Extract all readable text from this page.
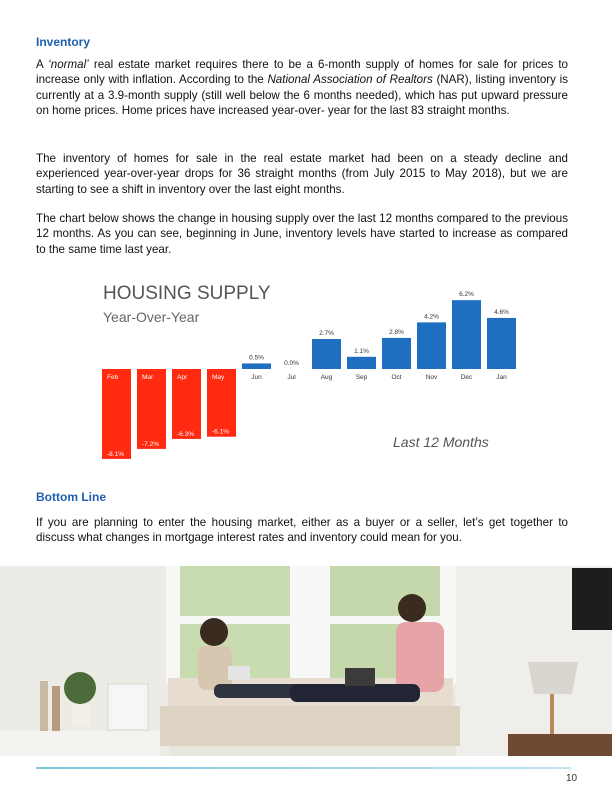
Inventory
A ‘normal’ real estate market requires there to be a 6-month supply of homes for sale for prices to increase only with inflation. According to the National Association of Realtors (NAR), listing inventory is currently at a 3.9-month supply (still well below the 6 months needed), which has put upward pressure on home prices. Home prices have increased year-over- year for the last 83 straight months.
The inventory of homes for sale in the real estate market had been on a steady decline and experienced year-over-year drops for 36 straight months (from July 2015 to May 2018), but we are starting to see a shift in inventory over the last eight months.
The chart below shows the change in housing supply over the last 12 months compared to the previous 12 months. As you can see, beginning in June, inventory levels have started to increase as compared to the same time last year.
HOUSING SUPPLY
Year-Over-Year
Feb
-8.1%
Mar
-7.2%
Apr
-6.3%
May
-6.1%
Jun
0.5%
Jul
0.0%
Aug
2.7%
Sep
1.1%
Oct
2.8%
Nov
4.2%
Dec
6.2%
Jan
4.6%
Last 12 Months
Bottom Line
If you are planning to enter the housing market, either as a buyer or a seller, let’s get together to discuss what changes in mortgage interest rates and inventory could mean for you.
10
